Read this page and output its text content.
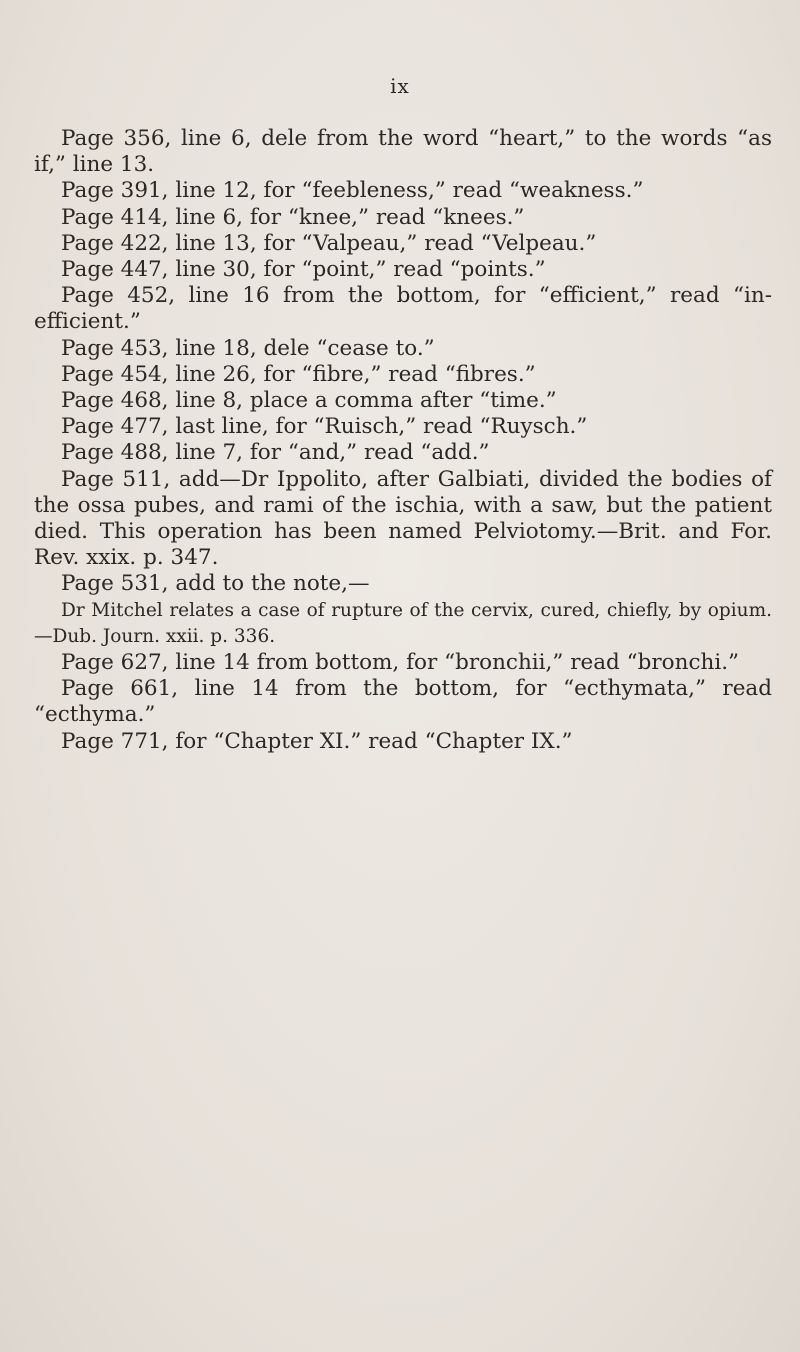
ix

Page 356, line 6, dele from the word “heart,” to the words “as if,” line 13.

Page 391, line 12, for “feebleness,” read “weakness.”

Page 414, line 6, for “knee,” read “knees.”

Page 422, line 13, for “Valpeau,” read “Velpeau.”

Page 447, line 30, for “point,” read “points.”

Page 452, line 16 from the bottom, for “efficient,” read “in-efficient.”

Page 453, line 18, dele “cease to.”

Page 454, line 26, for “fibre,” read “fibres.”

Page 468, line 8, place a comma after “time.”

Page 477, last line, for “Ruisch,” read “Ruysch.”

Page 488, line 7, for “and,” read “add.”

Page 511, add—Dr Ippolito, after Galbiati, divided the bodies of the ossa pubes, and rami of the ischia, with a saw, but the patient died. This operation has been named Pelviotomy.—Brit. and For. Rev. xxix. p. 347.

Page 531, add to the note,—

Dr Mitchel relates a case of rupture of the cervix, cured, chiefly, by opium.—Dub. Journ. xxii. p. 336.

Page 627, line 14 from bottom, for “bronchii,” read “bronchi.”

Page 661, line 14 from the bottom, for “ecthymata,” read “ecthyma.”

Page 771, for “Chapter XI.” read “Chapter IX.”
